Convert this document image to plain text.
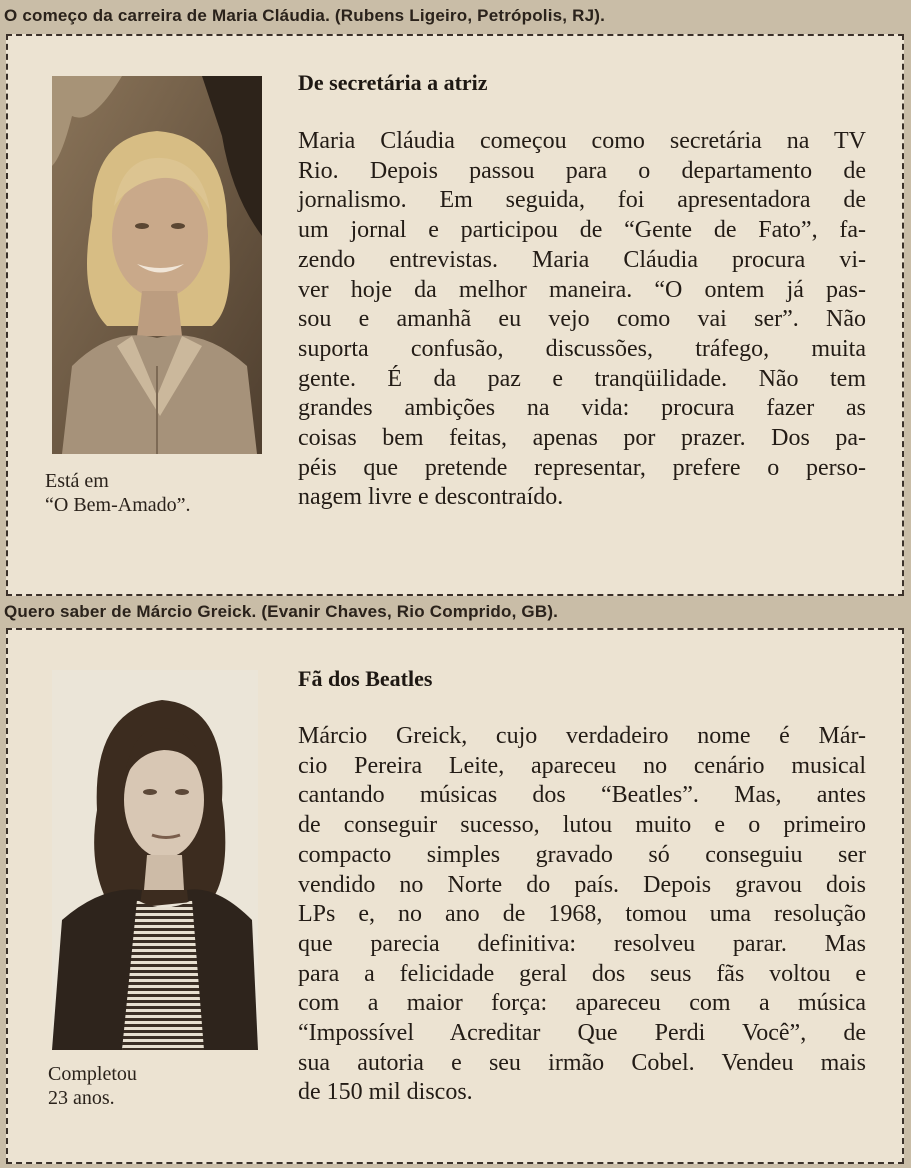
O começo da carreira de Maria Cláudia. (Rubens Ligeiro, Petrópolis, RJ).
Está em
“O Bem-Amado”.
De secretária a atriz
Maria Cláudia começou como secretária na TV
Rio. Depois passou para o departamento de
jornalismo. Em seguida, foi apresentadora de
um jornal e participou de “Gente de Fato”, fa-
zendo entrevistas. Maria Cláudia procura vi-
ver hoje da melhor maneira. “O ontem já pas-
sou e amanhã eu vejo como vai ser”. Não
suporta confusão, discussões, tráfego, muita
gente. É da paz e tranqüilidade. Não tem
grandes ambições na vida: procura fazer as
coisas bem feitas, apenas por prazer. Dos pa-
péis que pretende representar, prefere o perso-
nagem livre e descontraído.
Quero saber de Márcio Greick. (Evanir Chaves, Rio Comprido, GB).
Completou
23 anos.
Fã dos Beatles
Márcio Greick, cujo verdadeiro nome é Már-
cio Pereira Leite, apareceu no cenário musical
cantando músicas dos “Beatles”. Mas, antes
de conseguir sucesso, lutou muito e o primeiro
compacto simples gravado só conseguiu ser
vendido no Norte do país. Depois gravou dois
LPs e, no ano de 1968, tomou uma resolução
que parecia definitiva: resolveu parar. Mas
para a felicidade geral dos seus fãs voltou e
com a maior força: apareceu com a música
“Impossível Acreditar Que Perdi Você”, de
sua autoria e seu irmão Cobel. Vendeu mais
de 150 mil discos.
